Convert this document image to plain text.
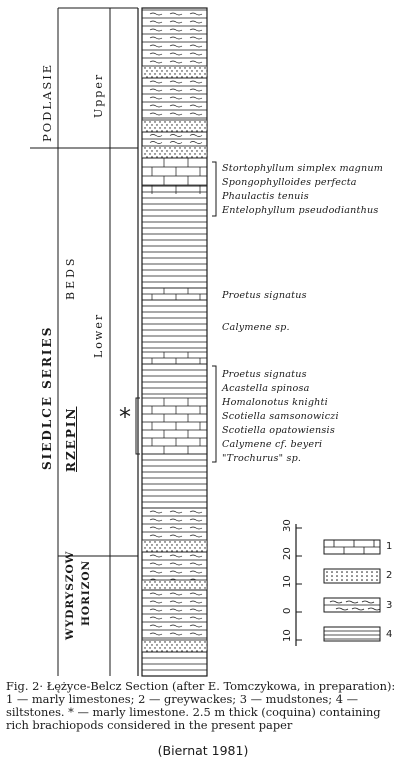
PODLASIE
SIEDLCE SERIES RZEPIN
BEDS
Upper
Lower
WYDRYSZOW HORIZON
*
Stortophyllum simplex magnum
Spongophylloides perfecta
Phaulactis tenuis
Entelophyllum pseudodianthus
Proetus signatus
Calymene sp.
Proetus signatus
Acastella spinosa
Homalonotus knighti
Scotiella samsonowiczi
Scotiella opatowiensis
Calymene cf. beyeri
"Trochurus" sp.
30
20
10
0
10
1
2
3
4
Fig. 2· Łężyce-Belcz Section (after E. Tomczykowa, in preparation): 1 — marly limestones; 2 — greywackes; 3 — mudstones; 4 — siltstones. * — marly limestone. 2.5 m thick (coquina) containing rich brachiopods considered in the present paper
(Biernat 1981)
